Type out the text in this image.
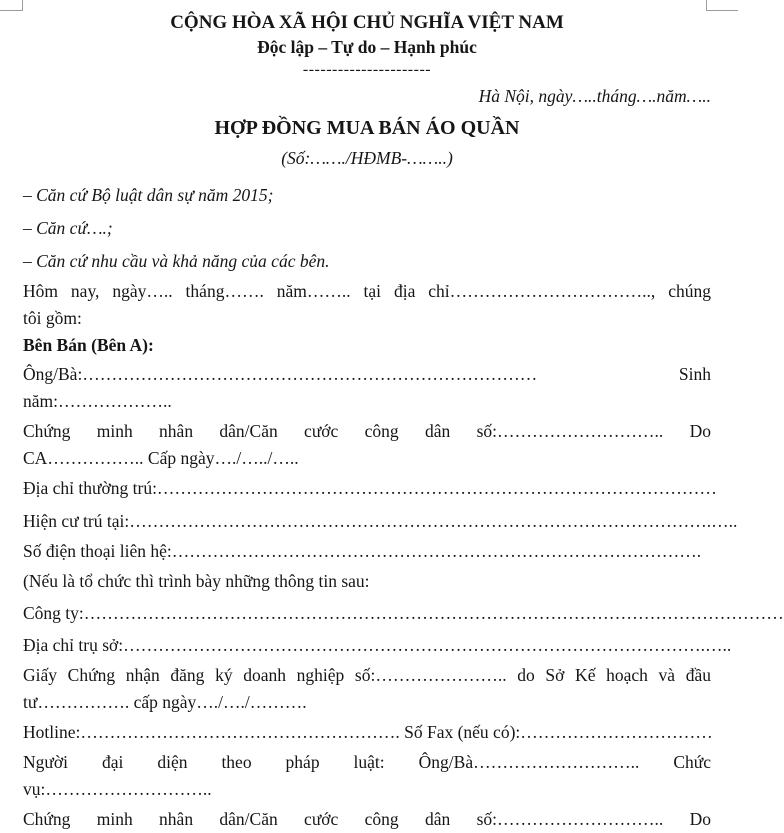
CỘNG HÒA XÃ HỘI CHỦ NGHĨA VIỆT NAM

Độc lập – Tự do – Hạnh phúc

----------------------

Hà Nội, ngày…..tháng….năm…..

HỢP ĐỒNG MUA BÁN ÁO QUẦN

(Số:……./HĐMB-……..)

– Căn cứ Bộ luật dân sự năm 2015;

– Căn cứ….;

– Căn cứ nhu cầu và khả năng của các bên.

Hôm nay, ngày….. tháng……. năm…….. tại địa chỉ…………………………….., chúng

tôi gồm:

Bên Bán (Bên A):

Ông/Bà:…………………………………………………………………… Sinh năm:………………..

Chứng minh nhân dân/Căn cước công dân số:……………………….. Do

CA…………….. Cấp ngày…./…../…..

Địa chỉ thường trú:……………………………………………………………………………………

Hiện cư trú tại:……………………………………………………………………………………….…..

Số điện thoại liên hệ:……………………………………………………………………………….

(Nếu là tổ chức thì trình bày những thông tin sau:

Công ty:…………………………………………………………………………………………………………

Địa chỉ trụ sở:……………………………………………………………………………………….…..

Giấy Chứng nhận đăng ký doanh nghiệp số:………………….. do Sở Kế hoạch và đầu

tư……………. cấp ngày…./…./……….

Hotline:………………………………………………. Số Fax (nếu có):……………………………

Người đại diện theo pháp luật: Ông/Bà……………………….. Chức

vụ:………………………..

Chứng minh nhân dân/Căn cước công dân số:……………………….. Do
